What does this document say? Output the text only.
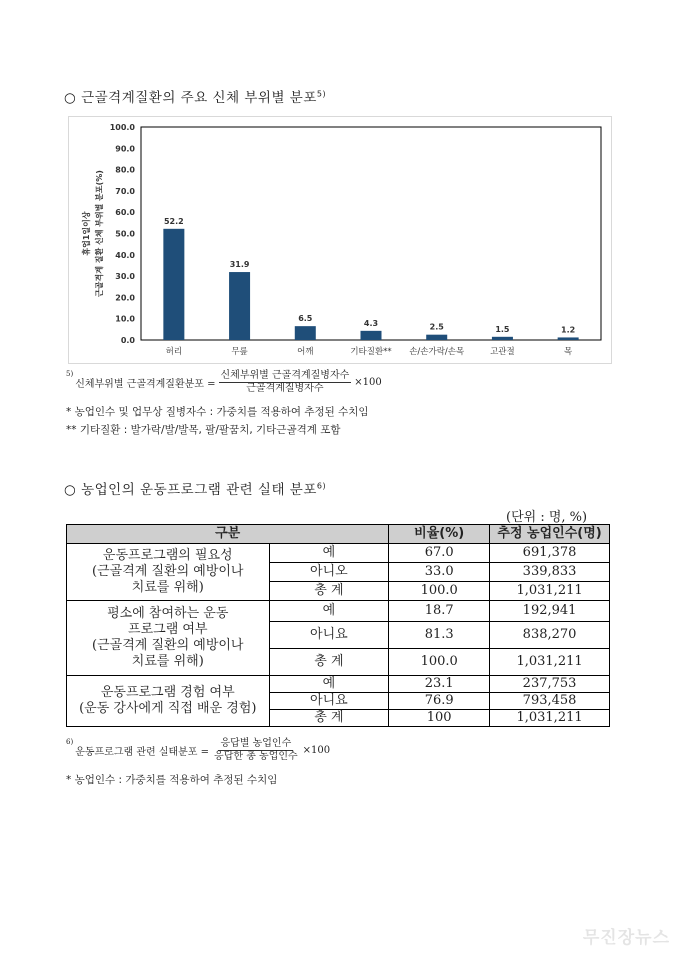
○ 근골격계질환의 주요 신체 부위별 분포$^{5)}$
0.0
10.0
20.0
30.0
40.0
50.0
60.0
70.0
80.0
90.0
100.0
휴업1일이상 근골격계 질환 신체 부위별 분포(%)	52.2
허리
31.9
무릎
6.5
어깨
4.3
기타질환**
2.5
손/손가락/손목
1.5
고관절
1.2
목
5)
신체부위별 근골격계질환분포 = $\frac{\text{신체부위별 근골격계질병자수}}{\text{근골격계질병자수}} \times 100$
* 농업인수 및 업무상 질병자수 : 가중치를 적용하여 추정된 수치임
** 기타질환 : 발가락/발/발목, 팔/팔꿈치, 기타근골격계 포함
○ 농업인의 운동프로그램 관련 실태 분포$^{6)}$
(단위 : 명, %)
구분		비율(%)	추정 농업인수(명)
운동프로그램의 필요성
(근골격계 질환의 예방이나
치료를 위해)	예	67.0	691,378
	아니오	33.0	339,833
	총 계	100.0	1,031,211
평소에 참여하는 운동
프로그램 여부
(근골격계 질환의 예방이나
치료를 위해)	예	18.7	192,941
	아니요	81.3	838,270
	총 계	100.0	1,031,211
운동프로그램 경험 여부
(운동 강사에게 직접 배운 경험)	예	23.1	237,753
	아니요	76.9	793,458
	총 계	100	1,031,211
6)
운동프로그램 관련 실태분포 = $\frac{\text{응답별 농업인수}}{\text{응답한 총 농업인수}} \times 100$
* 농업인수 : 가중치를 적용하여 추정된 수치임
무진장뉴스
